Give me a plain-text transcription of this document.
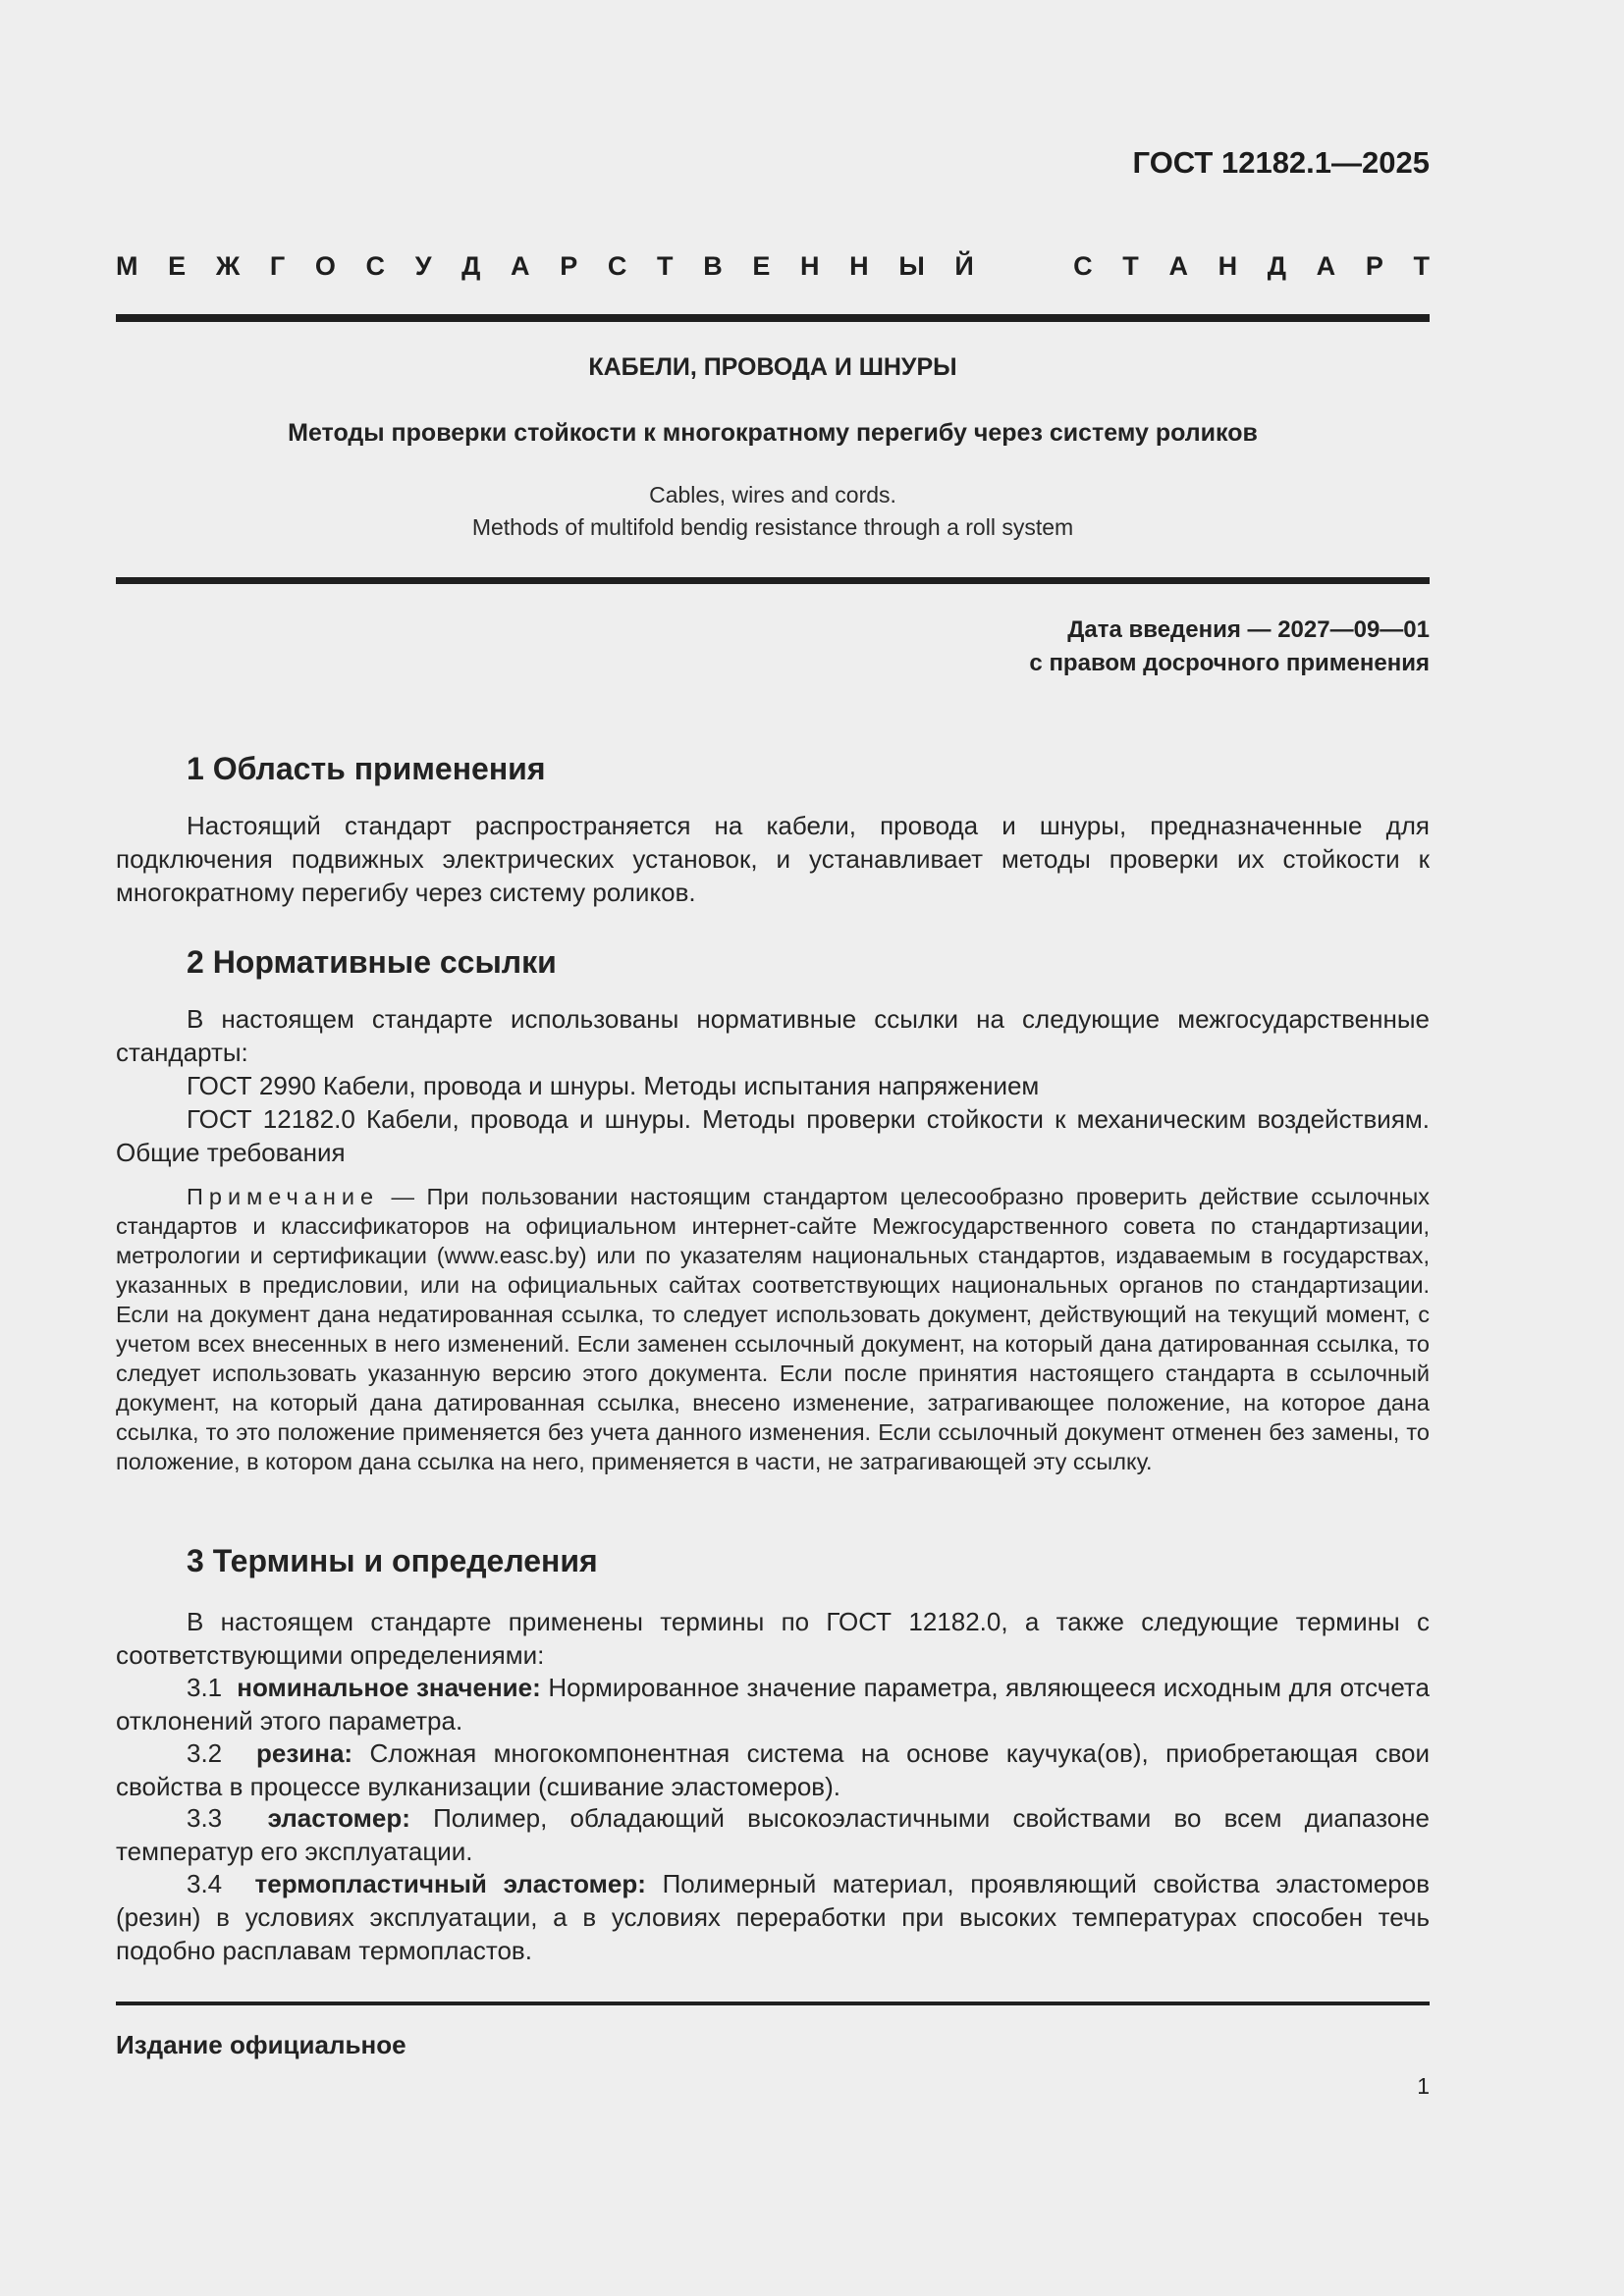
ГОСТ 12182.1—2025
М Е Ж Г О С У Д А Р С Т В Е Н Н Ы Й	С Т А Н Д А Р Т
КАБЕЛИ, ПРОВОДА И ШНУРЫ
Методы проверки стойкости к многократному перегибу через систему роликов
Cables, wires and cords.
Methods of multifold bendig resistance through a roll system
Дата введения — 2027—09—01
с правом досрочного применения
1 Область применения

Настоящий стандарт распространяется на кабели, провода и шнуры, предназначенные для подключения подвижных электрических установок, и устанавливает методы проверки их стойкости к многократному перегибу через систему роликов.

2 Нормативные ссылки

В настоящем стандарте использованы нормативные ссылки на следующие межгосударственные стандарты:

ГОСТ 2990 Кабели, провода и шнуры. Методы испытания напряжением

ГОСТ 12182.0 Кабели, провода и шнуры. Методы проверки стойкости к механическим воздействиям. Общие требования

Примечание — При пользовании настоящим стандартом целесообразно проверить действие ссылочных стандартов и классификаторов на официальном интернет-сайте Межгосударственного совета по стандартизации, метрологии и сертификации (www.easc.by) или по указателям национальных стандартов, издаваемым в государствах, указанных в предисловии, или на официальных сайтах соответствующих национальных органов по стандартизации. Если на документ дана недатированная ссылка, то следует использовать документ, действующий на текущий момент, с учетом всех внесенных в него изменений. Если заменен ссылочный документ, на который дана датированная ссылка, то следует использовать указанную версию этого документа. Если после принятия настоящего стандарта в ссылочный документ, на который дана датированная ссылка, внесено изменение, затрагивающее положение, на которое дана ссылка, то это положение применяется без учета данного изменения. Если ссылочный документ отменен без замены, то положение, в котором дана ссылка на него, применяется в части, не затрагивающей эту ссылку.

3 Термины и определения

В настоящем стандарте применены термины по ГОСТ 12182.0, а также следующие термины с соответствующими определениями:

3.1 номинальное значение: Нормированное значение параметра, являющееся исходным для отсчета отклонений этого параметра.

3.2 резина: Сложная многокомпонентная система на основе каучука(ов), приобретающая свои свойства в процессе вулканизации (сшивание эластомеров).

3.3 эластомер: Полимер, обладающий высокоэластичными свойствами во всем диапазоне температур его эксплуатации.

3.4 термопластичный эластомер: Полимерный материал, проявляющий свойства эластомеров (резин) в условиях эксплуатации, а в условиях переработки при высоких температурах способен течь подобно расплавам термопластов.

Издание официальное
1
